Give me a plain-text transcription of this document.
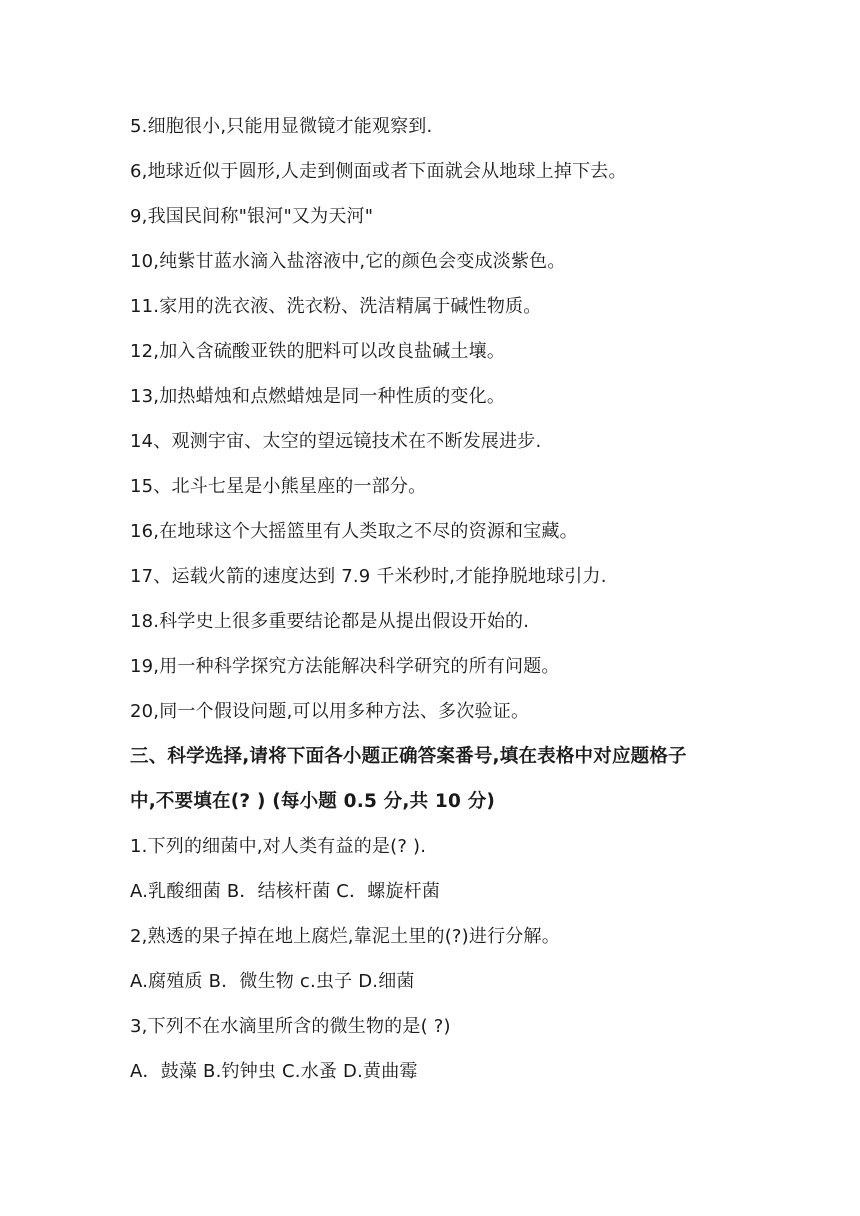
5.细胞很小,只能用显微镜才能观察到.
6,地球近似于圆形,人走到侧面或者下面就会从地球上掉下去。
9,我国民间称"银河"又为天河"
10,纯紫甘蓝水滴入盐溶液中,它的颜色会变成淡紫色。
11.家用的洗衣液、洗衣粉、洗洁精属于碱性物质。
12,加入含硫酸亚铁的肥料可以改良盐碱土壤。
13,加热蜡烛和点燃蜡烛是同一种性质的变化。
14、观测宇宙、太空的望远镜技术在不断发展进步.
15、北斗七星是小熊星座的一部分。
16,在地球这个大摇篮里有人类取之不尽的资源和宝藏。
17、运载火箭的速度达到 7.9 千米秒时,才能挣脱地球引力.
18.科学史上很多重要结论都是从提出假设开始的.
19,用一种科学探究方法能解决科学研究的所有问题。
20,同一个假设问题,可以用多种方法、多次验证。
三、科学选择,请将下面各小题正确答案番号,填在表格中对应题格子
中,不要填在(? ) (每小题 0.5 分,共 10 分)
1.下列的细菌中,对人类有益的是(? ).
A.乳酸细菌 B．结核杆菌 C．螺旋杆菌
2,熟透的果子掉在地上腐烂,靠泥土里的(?)进行分解。
A.腐殖质 B．微生物 c.虫子 D.细菌
3,下列不在水滴里所含的微生物的是( ?)
A．鼓藻 B.钓钟虫 C.水蚤 D.黄曲霉
